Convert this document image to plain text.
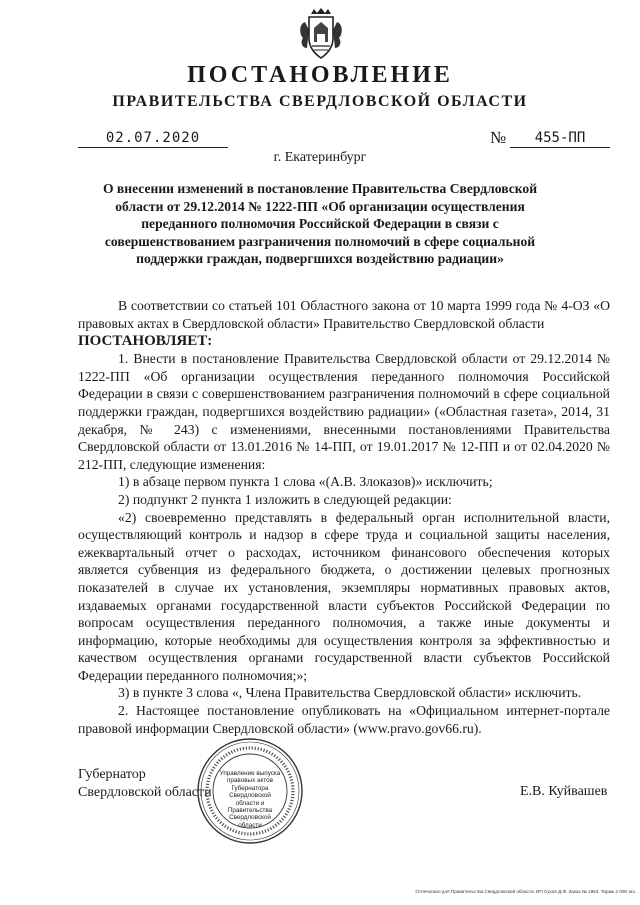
ПОСТАНОВЛЕНИЕ
ПРАВИТЕЛЬСТВА СВЕРДЛОВСКОЙ ОБЛАСТИ
02.07.2020	№	455-ПП
г. Екатеринбург
О внесении изменений в постановление Правительства Свердловской области от 29.12.2014 № 1222-ПП «Об организации осуществления переданного полномочия Российской Федерации в связи с совершенствованием разграничения полномочий в сфере социальной поддержки граждан, подвергшихся воздействию радиации»

В соответствии со статьей 101 Областного закона от 10 марта 1999 года № 4-ОЗ «О правовых актах в Свердловской области» Правительство Свердловской области

ПОСТАНОВЛЯЕТ:

1. Внести в постановление Правительства Свердловской области от 29.12.2014 № 1222-ПП «Об организации осуществления переданного полномочия Российской Федерации в связи с совершенствованием разграничения полномочий в сфере социальной поддержки граждан, подвергшихся воздействию радиации» («Областная газета», 2014, 31 декабря, № 243) с изменениями, внесенными постановлениями Правительства Свердловской области от 13.01.2016 № 14-ПП, от 19.01.2017 № 12-ПП и от 02.04.2020 № 212-ПП, следующие изменения:

1) в абзаце первом пункта 1 слова «(А.В. Злоказов)» исключить;

2) подпункт 2 пункта 1 изложить в следующей редакции:

«2) своевременно представлять в федеральный орган исполнительной власти, осуществляющий контроль и надзор в сфере труда и социальной защиты населения, ежеквартальный отчет о расходах, источником финансового обеспечения которых является субвенция из федерального бюджета, о достижении целевых прогнозных показателей в случае их установления, экземпляры нормативных правовых актов, издаваемых органами государственной власти субъектов Российской Федерации по вопросам осуществления переданного полномочия, а также иные документы и информацию, которые необходимы для осуществления контроля за эффективностью и качеством осуществления органами государственной власти субъектов Российской Федерации переданного полномочия;»;

3) в пункте 3 слова «, Члена Правительства Свердловской области» исключить.

2. Настоящее постановление опубликовать на «Официальном интернет-портале правовой информации Свердловской области» (www.pravo.gov66.ru).

Губернатор
Свердловской области
Управление выпуска правовых актов Губернатора Свердловской области и Правительства Свердловской области
Е.В. Куйвашев
Отпечатано для Правительства Свердловской области. ИП Сухов Д.Ф. Заказ № 1963. Тираж 2 000 экз.
